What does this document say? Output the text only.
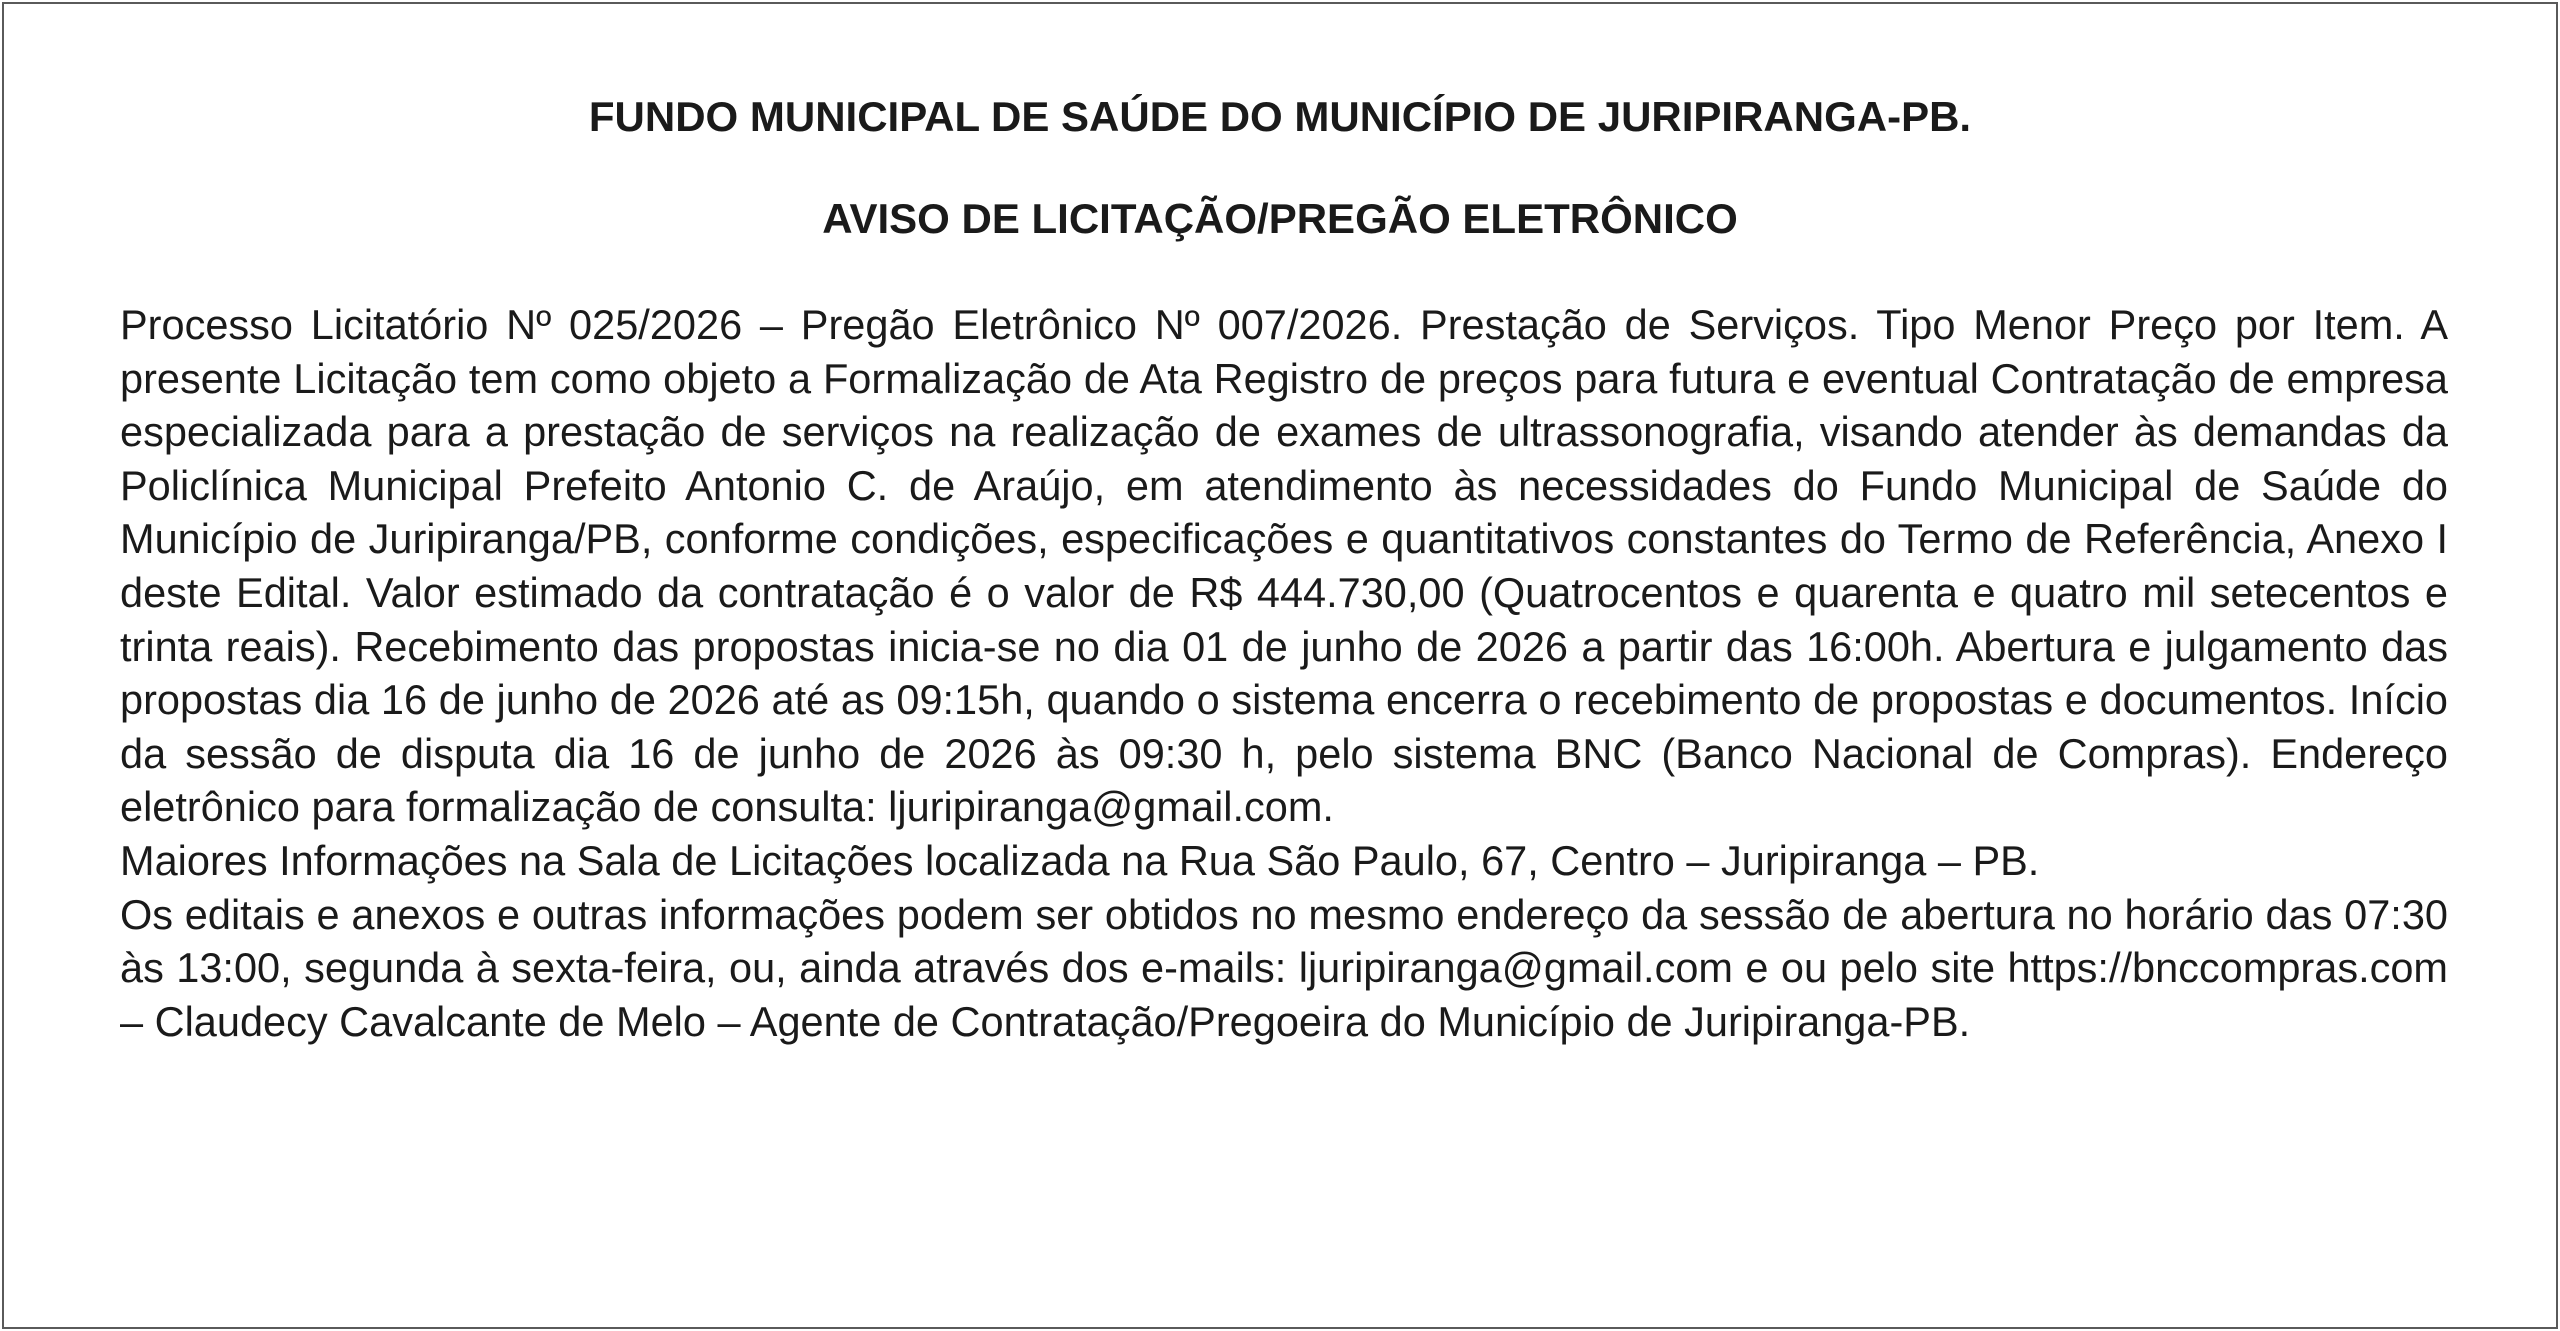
FUNDO MUNICIPAL DE SAÚDE DO MUNICÍPIO DE JURIPIRANGA-PB.
AVISO DE LICITAÇÃO/PREGÃO ELETRÔNICO

Processo Licitatório Nº 025/2026 – Pregão Eletrônico Nº 007/2026. Prestação de Serviços. Tipo Menor Preço por Item. A presente Licitação tem como objeto a Formalização de Ata Registro de preços para futura e eventual Contratação de empresa especializada para a prestação de serviços na realização de exames de ultrassonografia, visando atender às demandas da Policlínica Municipal Prefeito Antonio C. de Araújo, em atendimento às necessidades do Fundo Municipal de Saúde do Município de Juripiranga/PB, conforme condições, especificações e quantitativos constantes do Termo de Referência, Anexo I deste Edital. Valor estimado da contratação é o valor de R$ 444.730,00 (Quatrocentos e quarenta e quatro mil setecentos e trinta reais). Recebimento das propostas inicia-se no dia 01 de junho de 2026 a partir das 16:00h. Abertura e julgamento das propostas dia 16 de junho de 2026 até as 09:15h, quando o sistema encerra o recebimento de propostas e documentos. Início da sessão de disputa dia 16 de junho de 2026 às 09:30 h, pelo sistema BNC (Banco Nacional de Compras). Endereço eletrônico para formalização de consulta: ljuripiranga@gmail.com.

Maiores Informações na Sala de Licitações localizada na Rua São Paulo, 67, Centro – Juripiranga – PB.

Os editais e anexos e outras informações podem ser obtidos no mesmo endereço da sessão de abertura no horário das 07:30 às 13:00, segunda à sexta-feira, ou, ainda através dos e-mails: ljuripiranga@gmail.com e ou pelo site https://bnccompras.com – Claudecy Cavalcante de Melo – Agente de Contratação/Pregoeira do Município de Juripiranga-PB.
